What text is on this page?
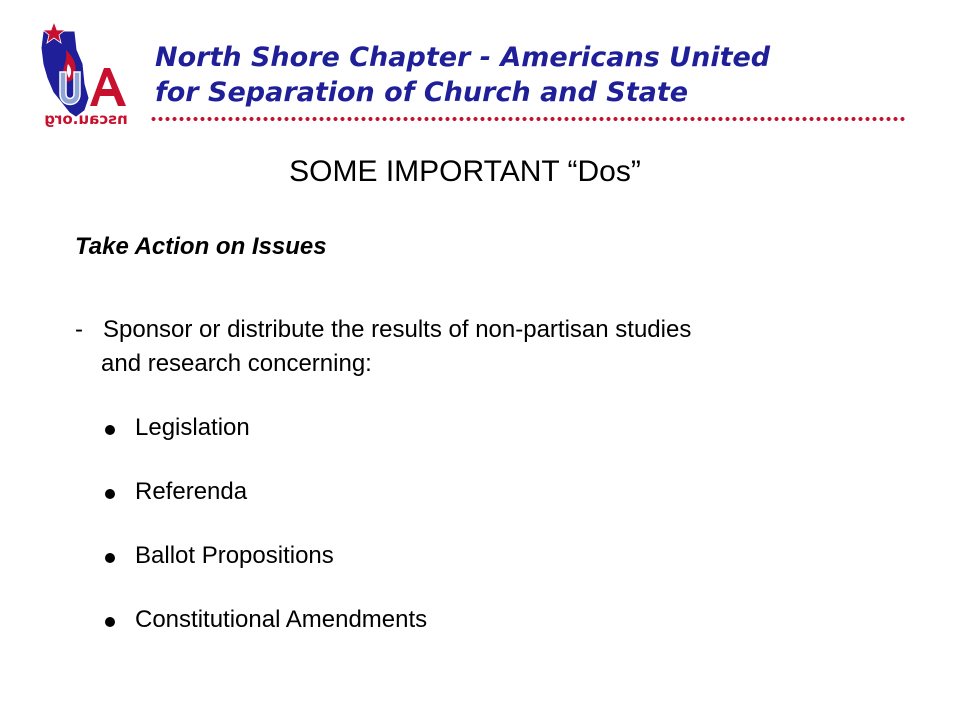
nscau.org
North Shore Chapter - Americans United
for Separation of Church and State
SOME IMPORTANT “Dos”
Take Action on Issues
- Sponsor or distribute the results of non-partisan studies
and research concerning:
Legislation
Referenda
Ballot Propositions
Constitutional Amendments
